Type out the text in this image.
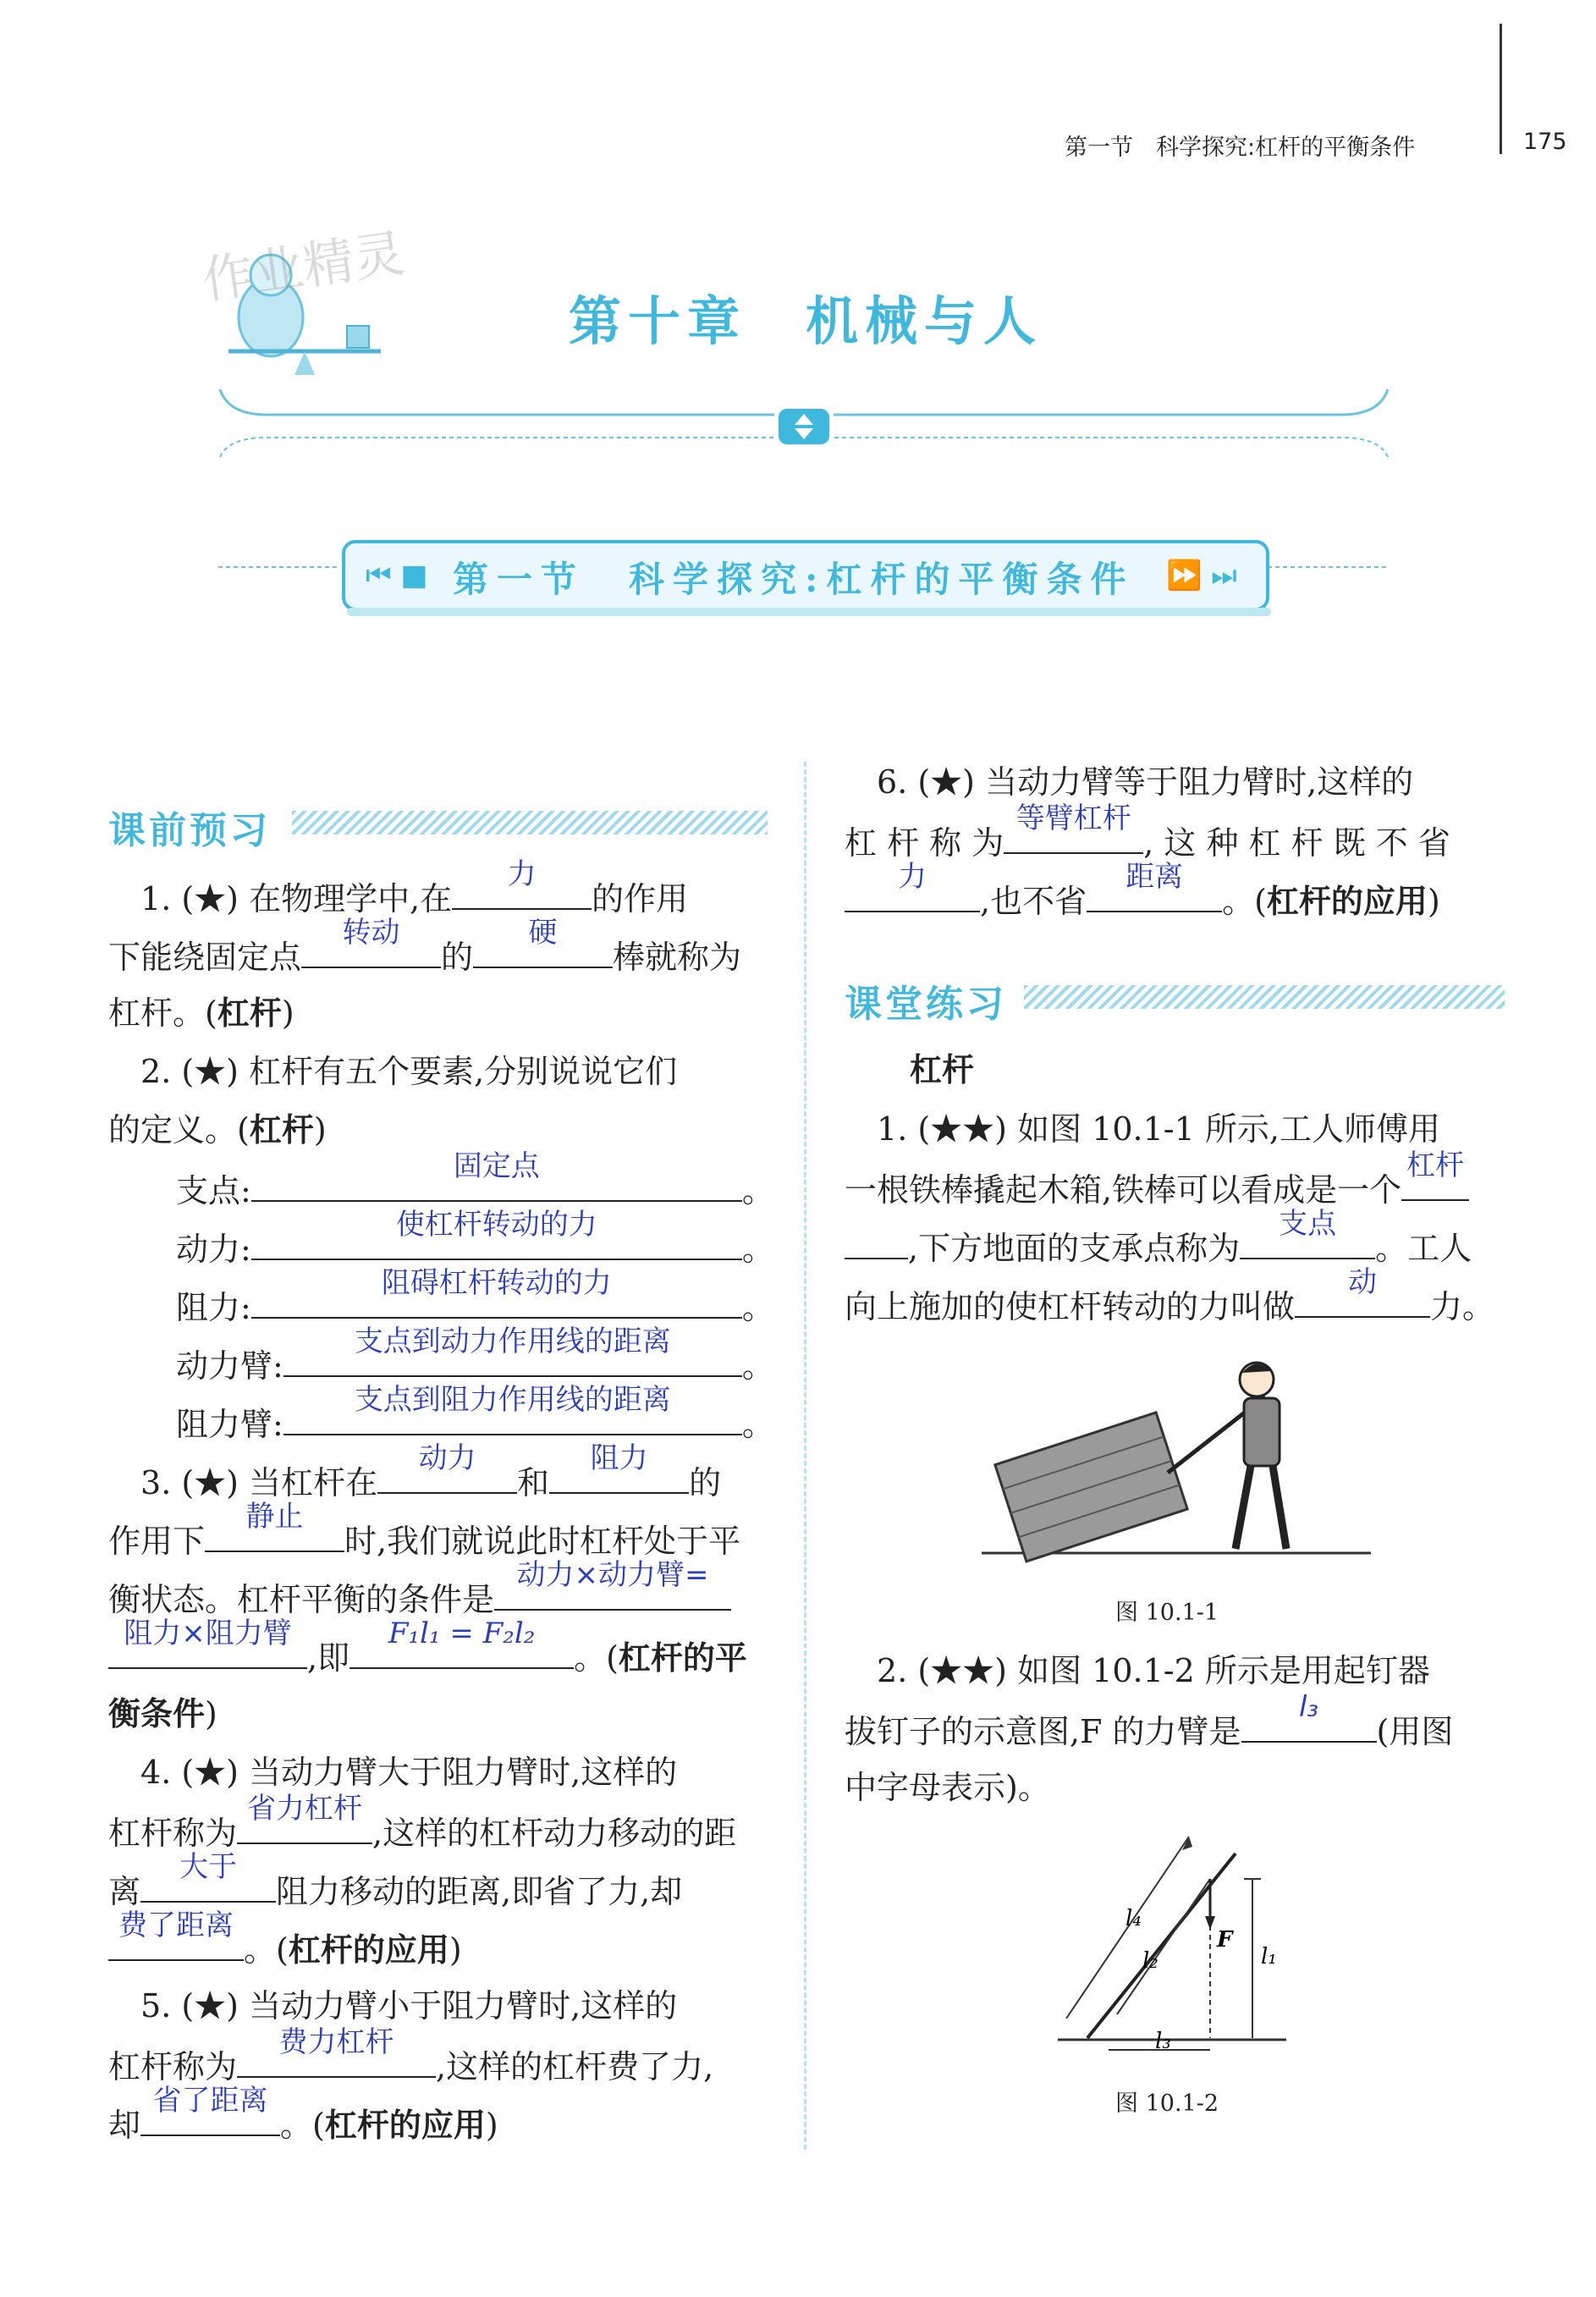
第一节　科学探究:杠杆的平衡条件	175
作业精灵
第十章　机械与人
⏮ ■ 第一节　科学探究:杠杆的平衡条件 ⏩ ⏭
课前预习
　1. (★) 在物理学中,在
力
的作用
下能绕固定点
转动
的
硬
棒就称为
杠杆。(杠杆)
　2. (★) 杠杆有五个要素,分别说说它们
的定义。(杠杆)
支点:
固定点
。
动力:
使杠杆转动的力
。
阻力:
阻碍杠杆转动的力
。
动力臂:
支点到动力作用线的距离
。
阻力臂:
支点到阻力作用线的距离
。
　3. (★) 当杠杆在
动力
和
阻力
的
作用下
静止
时,我们就说此时杠杆处于平
衡状态。杠杆平衡的条件是
动力×动力臂=
阻力×阻力臂
,即
F₁l₁ = F₂l₂
。(杠杆的平
衡条件)
　4. (★) 当动力臂大于阻力臂时,这样的
杠杆称为
省力杠杆
,这样的杠杆动力移动的距
离
大于
阻力移动的距离,即省了力,却
费了距离
。(杠杆的应用)
　5. (★) 当动力臂小于阻力臂时,这样的
杠杆称为
费力杠杆
,这样的杠杆费了力,
却
省了距离
。(杠杆的应用)
　6. (★) 当动力臂等于阻力臂时,这样的
杠 杆 称 为
等臂杠杆
, 这 种 杠 杆 既 不 省
力
,也不省
距离
。(杠杆的应用)
课堂练习
杠杆
　1. (★★) 如图 10.1-1 所示,工人师傅用
一根铁棒撬起木箱,铁棒可以看成是一个
杠杆
,下方地面的支承点称为
支点
。工人
向上施加的使杠杆转动的力叫做
动
力。
图 10.1-1
　2. (★★) 如图 10.1-2 所示是用起钉器
拔钉子的示意图,F 的力臂是
l₃
(用图
中字母表示)。
l₄
l₂
F
l₁
l₃
图 10.1-2
